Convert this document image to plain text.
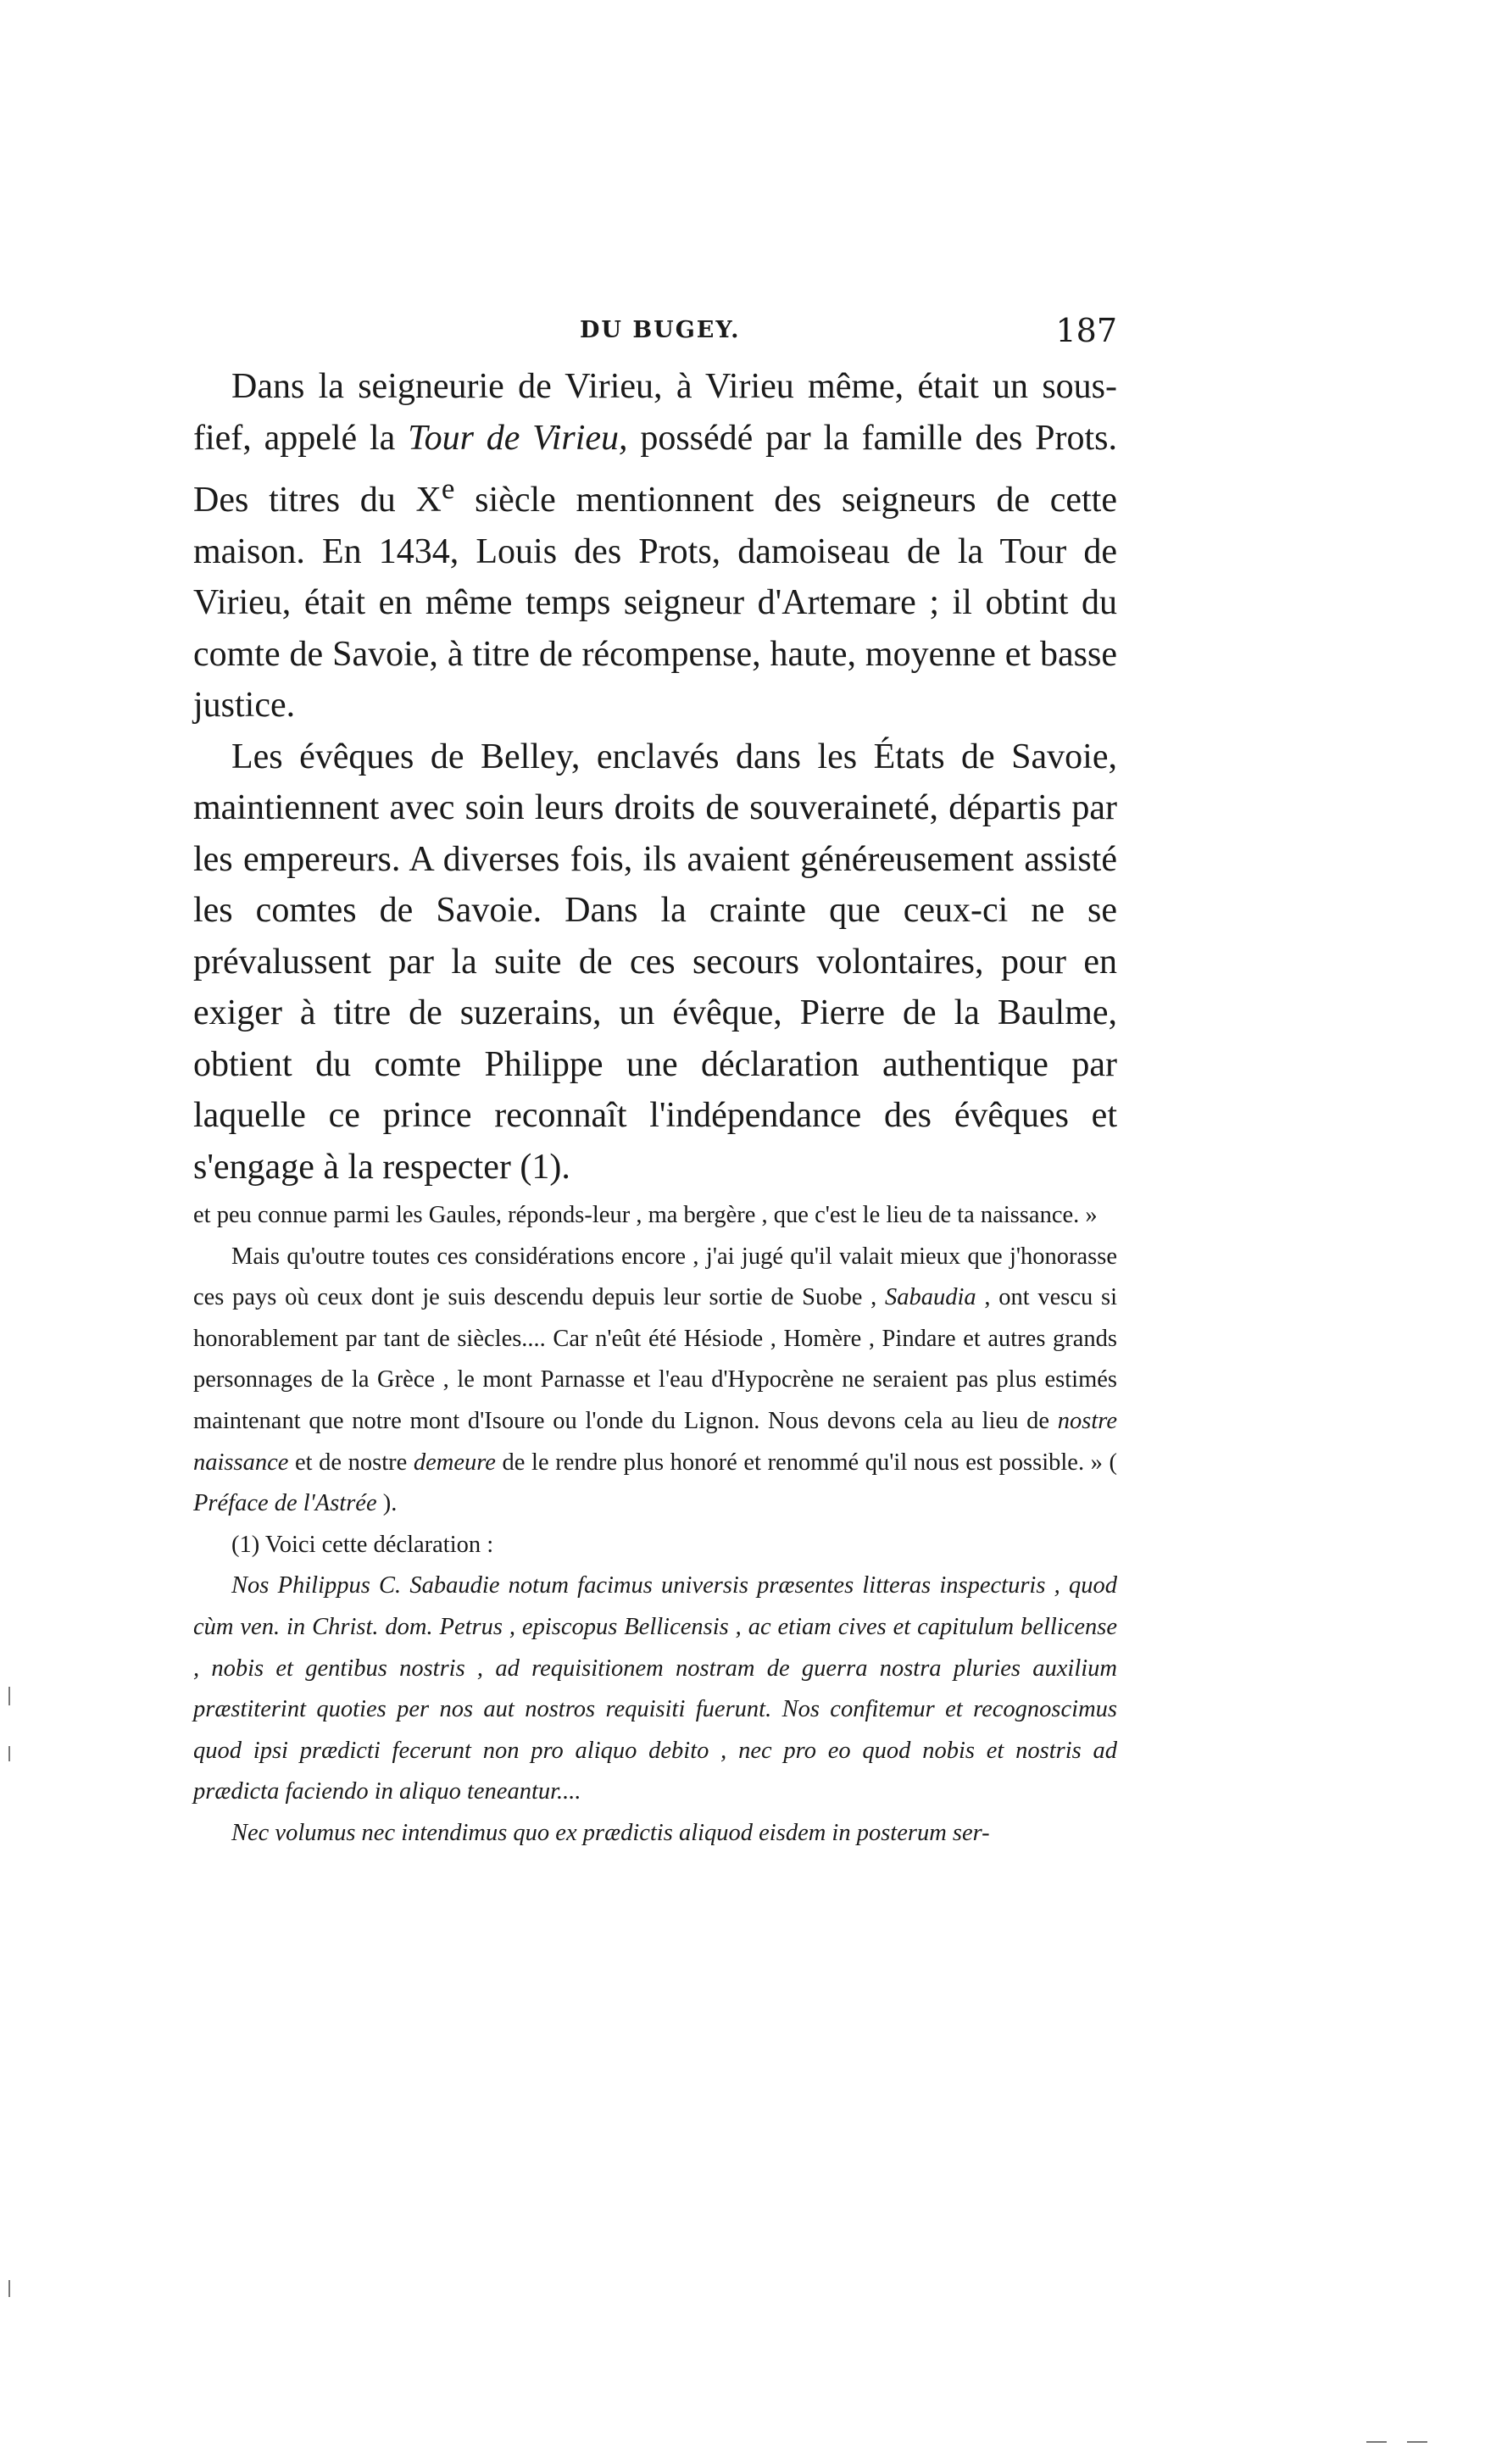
DU BUGEY.	187

Dans la seigneurie de Virieu, à Virieu même, était un sous-fief, appelé la Tour de Virieu, possédé par la famille des Prots. Des titres du Xe siècle mentionnent des seigneurs de cette maison. En 1434, Louis des Prots, damoiseau de la Tour de Virieu, était en même temps seigneur d'Artemare ; il obtint du comte de Savoie, à titre de récompense, haute, moyenne et basse justice.

Les évêques de Belley, enclavés dans les États de Savoie, maintiennent avec soin leurs droits de souveraineté, départis par les empereurs. A diverses fois, ils avaient généreusement assisté les comtes de Savoie. Dans la crainte que ceux-ci ne se prévalussent par la suite de ces secours volontaires, pour en exiger à titre de suzerains, un évêque, Pierre de la Baulme, obtient du comte Philippe une déclaration authentique par laquelle ce prince reconnaît l'indépendance des évêques et s'engage à la respecter (1).

et peu connue parmi les Gaules, réponds-leur , ma bergère , que c'est le lieu de ta naissance. »

Mais qu'outre toutes ces considérations encore , j'ai jugé qu'il valait mieux que j'honorasse ces pays où ceux dont je suis descendu depuis leur sortie de Suobe , Sabaudia , ont vescu si honorablement par tant de siècles.... Car n'eût été Hésiode , Homère , Pindare et autres grands personnages de la Grèce , le mont Parnasse et l'eau d'Hypocrène ne seraient pas plus estimés maintenant que notre mont d'Isoure ou l'onde du Lignon. Nous devons cela au lieu de nostre naissance et de nostre demeure de le rendre plus honoré et renommé qu'il nous est possible. » ( Préface de l'Astrée ).

(1) Voici cette déclaration :

Nos Philippus C. Sabaudie notum facimus universis præsentes litteras inspecturis , quod cùm ven. in Christ. dom. Petrus , episcopus Bellicensis , ac etiam cives et capitulum bellicense , nobis et gentibus nostris , ad requisitionem nostram de guerra nostra pluries auxilium præstiterint quoties per nos aut nostros requisiti fuerunt. Nos confitemur et recognoscimus quod ipsi prædicti fecerunt non pro aliquo debito , nec pro eo quod nobis et nostris ad prædicta faciendo in aliquo teneantur....

Nec volumus nec intendimus quo ex prædictis aliquod eisdem in posterum ser-
